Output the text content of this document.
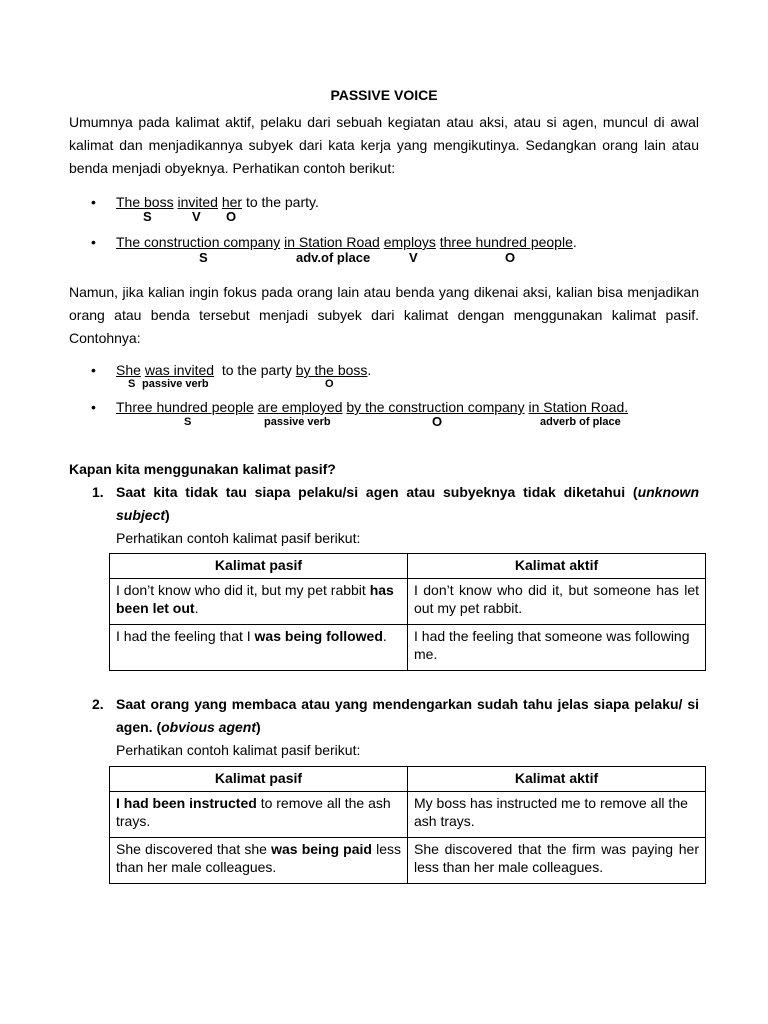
PASSIVE VOICE
Umumnya pada kalimat aktif, pelaku dari sebuah kegiatan atau aksi, atau si agen, muncul di awal kalimat dan menjadikannya subyek dari kata kerja yang mengikutinya. Sedangkan orang lain atau benda menjadi obyeknya. Perhatikan contoh berikut:
• The boss invited her to the party.
S	V O
• The construction company in Station Road employs three hundred people.
S	adv.of place	V	O
Namun, jika kalian ingin fokus pada orang lain atau benda yang dikenai aksi, kalian bisa menjadikan orang atau benda tersebut menjadi subyek dari kalimat dengan menggunakan kalimat pasif. Contohnya:
• She was invited  to the party by the boss.
S passive verb	O
• Three hundred people are employed by the construction company in Station Road.
S	passive verb	O	adverb of place
Kapan kita menggunakan kalimat pasif?
1. Saat kita tidak tau siapa pelaku/si agen atau subyeknya tidak diketahui (unknown subject)
Perhatikan contoh kalimat pasif berikut:
Kalimat pasif	Kalimat aktif
I don’t know who did it, but my pet rabbit has been let out.	I don’t know who did it, but someone has let out my pet rabbit.
I had the feeling that I was being followed.	I had the feeling that someone was following me.
2. Saat orang yang membaca atau yang mendengarkan sudah tahu jelas siapa pelaku/ si agen. (obvious agent)
Perhatikan contoh kalimat pasif berikut:
Kalimat pasif	Kalimat aktif
I had been instructed to remove all the ash trays.	My boss has instructed me to remove all the ash trays.
She discovered that she was being paid less than her male colleagues.	She discovered that the firm was paying her less than her male colleagues.
